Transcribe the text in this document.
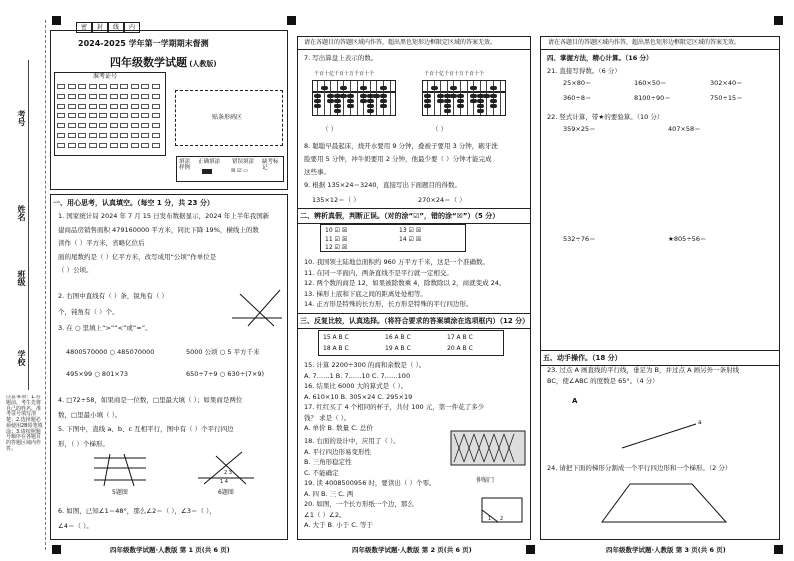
考号
姓名
班级
学校
注意事项：1.答题前，考生先将自己的姓名、准考证号填写清楚；2.选择题必须使用2B铅笔填涂；3.请按照题号顺序在各题目的答题区域内作答。
密	封	线	内
2024-2025 学年第一学期期末督测
四年级数学试题 (人教版)
准考证号
贴条形码区
填涂样例
正确填涂 错误填涂
☒ ☑ ▭
缺考标记
一、用心思考，认真填空。（每空 1 分，共 23 分）
1. 国家统计局 2024 年 7 月 15 日发布数据显示，2024 年上半年我国新
建商品房销售面积 479160000 平方米，同比下降 19%，横线上的数
读作（ ）平方米，省略亿位后
面的尾数约是（ ）亿平方米，改写成用“公顷”作单位是
（ ）公顷。
2. 右图中直线有（ ）条，锐角有（ ）
个，钝角有（ ）个。
3. 在 ○ 里填上“>”“<”或“=”。
4800570000 ○ 485070000	5000 公顷 ○ 5 平方千米
495×99 ○ 801×73	650÷7÷9 ○ 630÷(7×9)
4. □72÷58，如果商是一位数，□里最大填（ ）；如果商是两位
数，□里最小填（ ）。
5. 下图中，直线 a、b、c 互相平行，图中有（ ）个平行四边
形，（ ）个梯形。
5题图
2 3
1 4
6题图
6. 如图，已知∠1＝48°，那么∠2＝（ ），∠3＝（ ），
∠4＝（ ）。
四年级数学试题·人教版 第 1 页(共 6 页)
请在各题目的答题区域内作答，超出黑色矩形边框限定区域的答案无效。
7. 写出算盘上表示的数。
千百十亿千百十万千百十个	千百十亿千百十万千百十个
（ ）	（ ）
8. 聪聪早晨起床，烧开水要用 9 分钟，叠被子要用 3 分钟，刷牙洗
脸要用 5 分钟，冲牛奶要用 2 分钟，他最少要（ ）分钟才能完成
这些事。
9. 根据 135×24＝3240，直接写出下面题目的得数。
135×12＝（ ）	270×24＝（ ）
二、辨析真假，判断正误。（对的涂“☑”，错的涂“☒”）（5 分）
10 ☑ ☒
11 ☑ ☒
12 ☑ ☒
13 ☑ ☒
14 ☑ ☒
10. 我国领土陆地总面积约 960 万平方千米，这是一个准确数。
11. 在同一平面内，两条直线不是平行就一定相交。
12. 两个数的商是 12，如果被除数乘 4，除数除以 2，商就变成 24。
13. 梯形上底和下底之间的距离处处相等。
14. 正方形是特殊的长方形，长方形是特殊的平行四边形。
三、反复比较，认真选择。（将符合要求的答案填涂在选项框内）（12 分）
15 A B C	16 A B C	17 A B C
18 A B C	19 A B C	20 A B C
15. 计算 2200÷300 的商和余数是（ ）。
A. 7……1 B. 7……10 C. 7……100
16. 结果比 6000 大的算式是（ ）。
A. 610×10 B. 305×24 C. 295×19
17. 红红买了 4 个相同的杯子，共付 100 元，第一件花了多少
钱？ 求是（ ）。
A. 单价 B. 数量 C. 总价
18. 右面的设计中，应用了（ ）。
A. 平行四边形易变形性
B. 三角形稳定性
C. 不能确定
19. 读 4008500956 时，要读出（ ）个零。
A. 四 B. 三 C. 两
20. 如图，一个长方形纸一个边，那么
∠1（ ）∠2。
A. 大于 B. 小于 C. 等于
伸缩门
1 2
四年级数学试题·人教版 第 2 页(共 6 页)
请在各题目的答题区域内作答，超出黑色矩形边框限定区域的答案无效。
四、掌握方法，精心计算。（16 分）
21. 直接写得数。（6 分）
25×80＝	160×50＝	302×40＝
360÷8＝	8100÷90＝	750÷15＝
22. 竖式计算，带★的要验算。（10 分）
359×25＝	407×58＝
532÷76＝	★805÷56＝
五、动手操作。（18 分）
23. 过点 A 画直线的平行线，垂足为 B，并过点 A 画另外一条射线
BC，使∠ABC 的度数是 65°。（4 分）
A
a
24. 请把下面的梯形分割成一个平行四边形和一个梯形。（2 分）
四年级数学试题·人教版 第 3 页(共 6 页)
